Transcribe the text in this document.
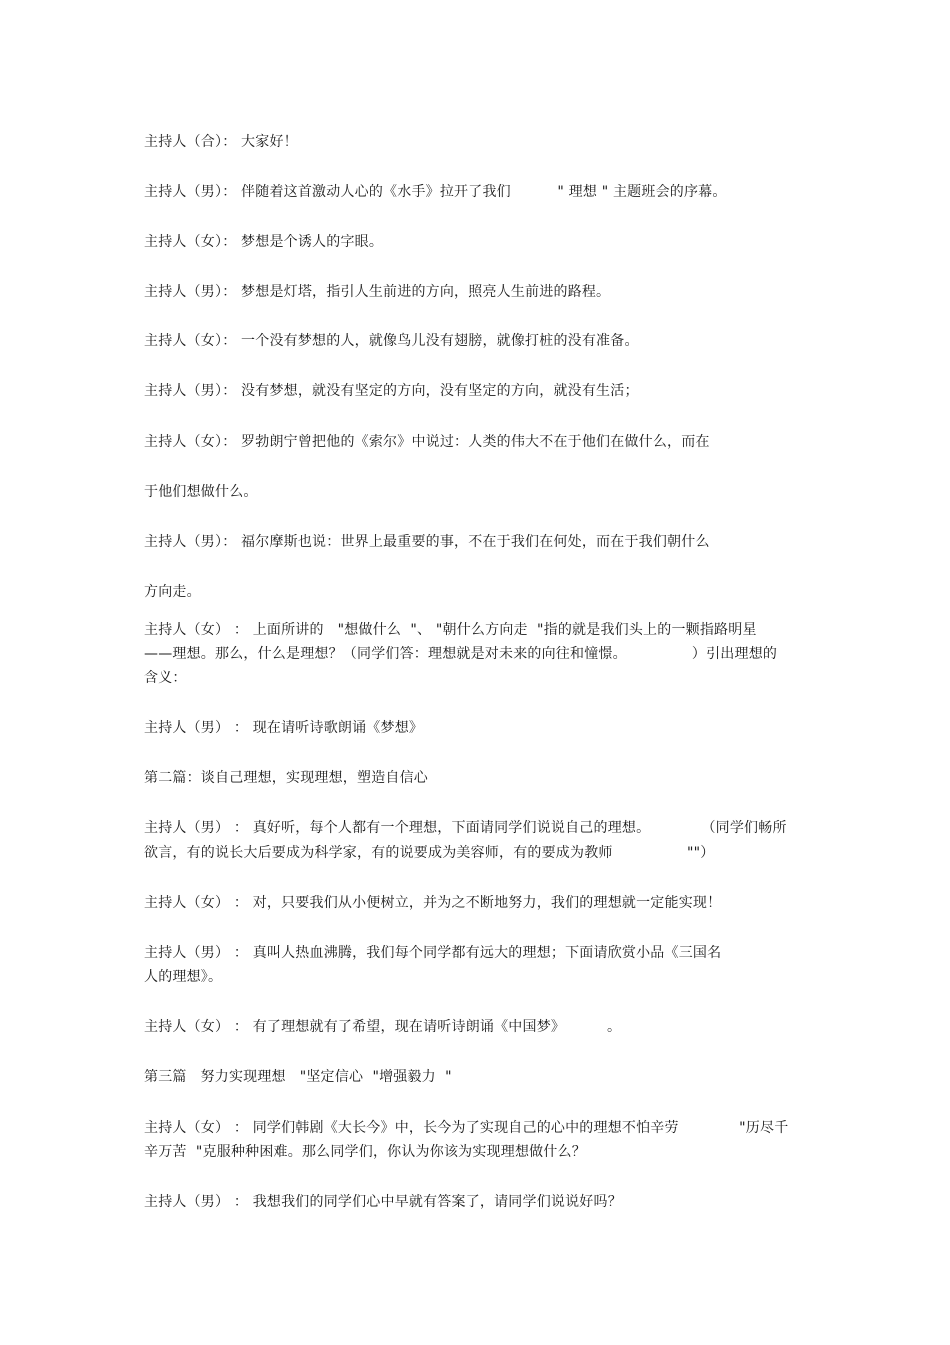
主持人（合）： 大家好！
主持人（男）： 伴随着这首激动人心的《水手》拉开了我们          " 理想 " 主题班会的序幕。
主持人（女）： 梦想是个诱人的字眼。
主持人（男）： 梦想是灯塔，指引人生前进的方向，照亮人生前进的路程。
主持人（女）： 一个没有梦想的人，就像鸟儿没有翅膀，就像打桩的没有准备。
主持人（男）： 没有梦想，就没有坚定的方向，没有坚定的方向，就没有生活；
主持人（女）： 罗勃朗宁曾把他的《索尔》中说过：人类的伟大不在于他们在做什么，而在
于他们想做什么。
主持人（男）： 福尔摩斯也说：世界上最重要的事，不在于我们在何处，而在于我们朝什么
方向走。
主持人（女） ： 上面所讲的   "想做什么  "、 "朝什么方向走  "指的就是我们头上的一颗指路明星
——理想。那么，什么是理想？（同学们答：理想就是对未来的向往和憧憬。              ）引出理想的
含义：
主持人（男） ： 现在请听诗歌朗诵《梦想》
第二篇：谈自己理想，实现理想，塑造自信心
主持人（男） ： 真好听，每个人都有一个理想，下面请同学们说说自己的理想。           （同学们畅所
欲言，有的说长大后要成为科学家，有的说要成为美容师，有的要成为教师                ""）
主持人（女） ： 对，只要我们从小便树立，并为之不断地努力，我们的理想就一定能实现！
主持人（男） ： 真叫人热血沸腾，我们每个同学都有远大的理想；下面请欣赏小品《三国名
人的理想》。
主持人（女） ： 有了理想就有了希望，现在请听诗朗诵《中国梦》         。
第三篇   努力实现理想   "坚定信心  "增强毅力  "
主持人（女） ： 同学们韩剧《大长今》中，长今为了实现自己的心中的理想不怕辛劳             "历尽千
辛万苦  "克服种种困难。那么同学们，你认为你该为实现理想做什么？
主持人（男） ： 我想我们的同学们心中早就有答案了，请同学们说说好吗？
